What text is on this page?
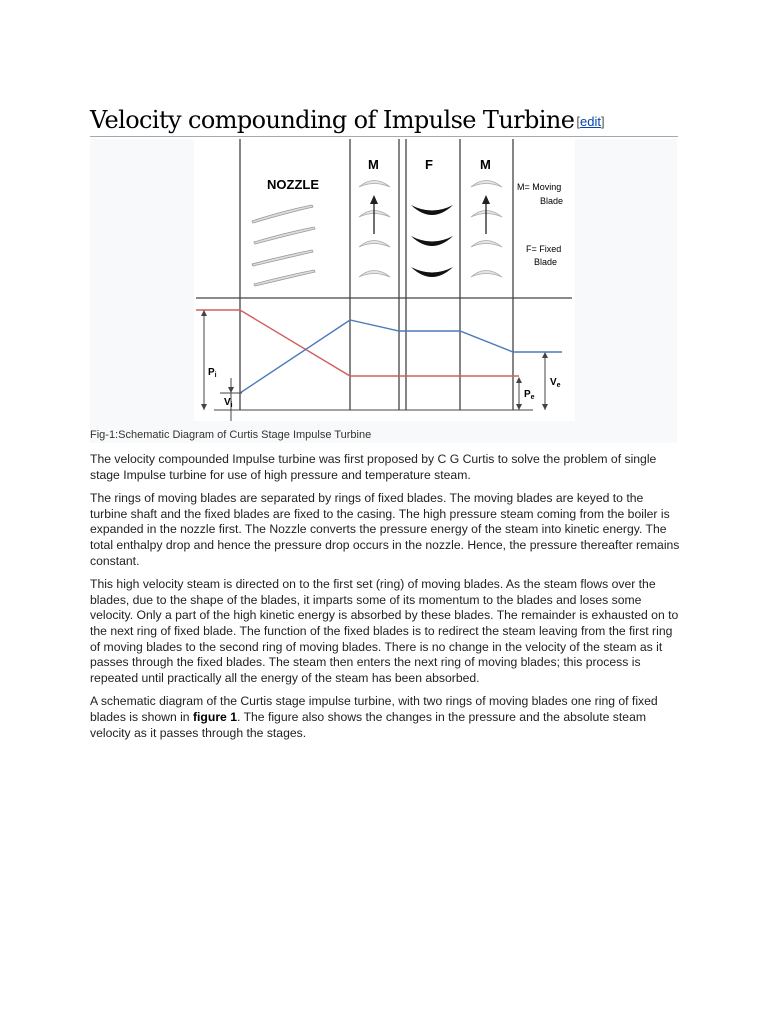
Velocity compounding of Impulse Turbine [edit]
NOZZLE
M	F	M
M= Moving
Blade
F= Fixed
Blade
$P_i$
$V_i$
$P_e$
$V_e$
Fig-1:Schematic Diagram of Curtis Stage Impulse Turbine

The velocity compounded Impulse turbine was first proposed by C G Curtis to solve the problem of single stage Impulse turbine for use of high pressure and temperature steam.

The rings of moving blades are separated by rings of fixed blades. The moving blades are keyed to the turbine shaft and the fixed blades are fixed to the casing. The high pressure steam coming from the boiler is expanded in the nozzle first. The Nozzle converts the pressure energy of the steam into kinetic energy. The total enthalpy drop and hence the pressure drop occurs in the nozzle. Hence, the pressure thereafter remains constant.

This high velocity steam is directed on to the first set (ring) of moving blades. As the steam flows over the blades, due to the shape of the blades, it imparts some of its momentum to the blades and loses some velocity. Only a part of the high kinetic energy is absorbed by these blades. The remainder is exhausted on to the next ring of fixed blade. The function of the fixed blades is to redirect the steam leaving from the first ring of moving blades to the second ring of moving blades. There is no change in the velocity of the steam as it passes through the fixed blades. The steam then enters the next ring of moving blades; this process is repeated until practically all the energy of the steam has been absorbed.

A schematic diagram of the Curtis stage impulse turbine, with two rings of moving blades one ring of fixed blades is shown in figure 1. The figure also shows the changes in the pressure and the absolute steam velocity as it passes through the stages.
